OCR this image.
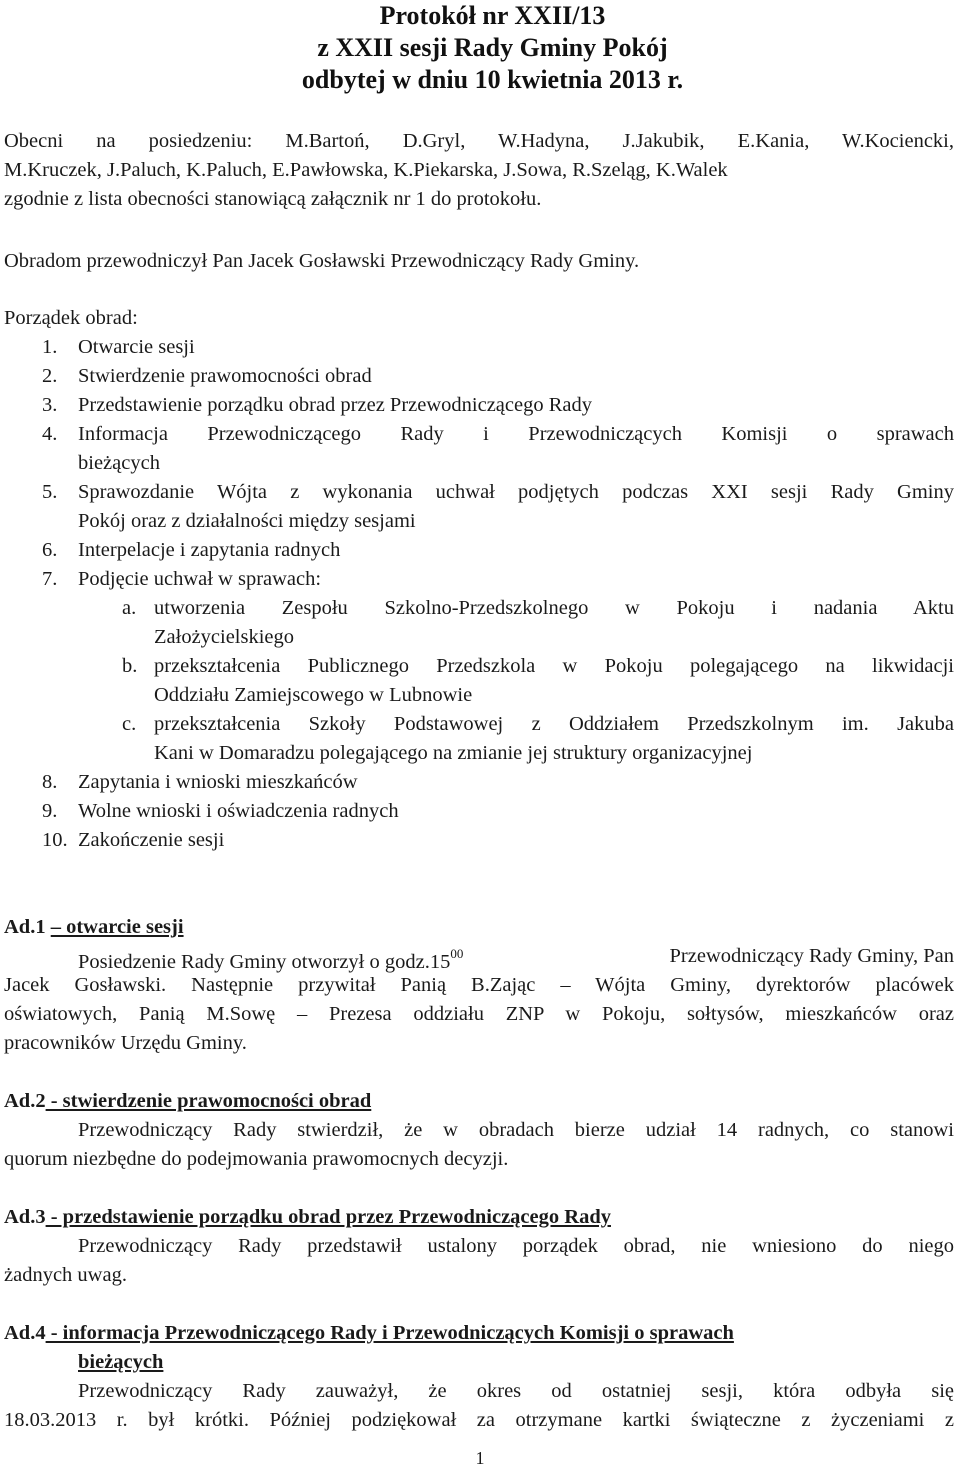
Protokół nr XXII/13
z XXII sesji Rady Gminy Pokój
odbytej w dniu 10 kwietnia 2013 r.
Obecni na posiedzeniu: M.Bartoń, D.Gryl, W.Hadyna, J.Jakubik, E.Kania, W.Kociencki,
M.Kruczek, J.Paluch, K.Paluch, E.Pawłowska, K.Piekarska, J.Sowa, R.Szeląg, K.Walek
zgodnie z lista obecności stanowiącą załącznik nr 1 do protokołu.
Obradom przewodniczył Pan Jacek Gosławski Przewodniczący Rady Gminy.
Porządek obrad:
1. Otwarcie sesji
2. Stwierdzenie prawomocności obrad
3. Przedstawienie porządku obrad przez Przewodniczącego Rady
4. Informacja Przewodniczącego Rady i Przewodniczących Komisji o sprawach
bieżących
5. Sprawozdanie Wójta z wykonania uchwał podjętych podczas XXI sesji Rady Gminy
Pokój oraz z działalności między sesjami
6. Interpelacje i zapytania radnych
7. Podjęcie uchwał w sprawach:
a. utworzenia Zespołu Szkolno-Przedszkolnego w Pokoju i nadania Aktu
Założycielskiego
b. przekształcenia Publicznego Przedszkola w Pokoju polegającego na likwidacji
Oddziału Zamiejscowego w Lubnowie
c. przekształcenia Szkoły Podstawowej z Oddziałem Przedszkolnym im. Jakuba
Kani w Domaradzu polegającego na zmianie jej struktury organizacyjnej
8. Zapytania i wnioski mieszkańców
9. Wolne wnioski i oświadczenia radnych
10. Zakończenie sesji
Ad.1 – otwarcie sesji
Posiedzenie Rady Gminy otworzył o $godz.15^{00}$	Przewodniczący Rady Gminy, Pan
Jacek Gosławski. Następnie przywitał Panią B.Zając – Wójta Gminy, dyrektorów placówek
oświatowych, Panią M.Sowę – Prezesa oddziału ZNP w Pokoju, sołtysów, mieszkańców oraz
pracowników Urzędu Gminy.
Ad.2 - stwierdzenie prawomocności obrad
Przewodniczący Rady stwierdził, że w obradach bierze udział 14 radnych, co stanowi
quorum niezbędne do podejmowania prawomocnych decyzji.
Ad.3 - przedstawienie porządku obrad przez Przewodniczącego Rady
Przewodniczący Rady przedstawił ustalony porządek obrad, nie wniesiono do niego
żadnych uwag.
Ad.4 - informacja Przewodniczącego Rady i Przewodniczących Komisji o sprawach
bieżących
Przewodniczący Rady zauważył, że okres od ostatniej sesji, która odbyła się
18.03.2013 r. był krótki. Później podziękował za otrzymane kartki świąteczne z życzeniami z
1
